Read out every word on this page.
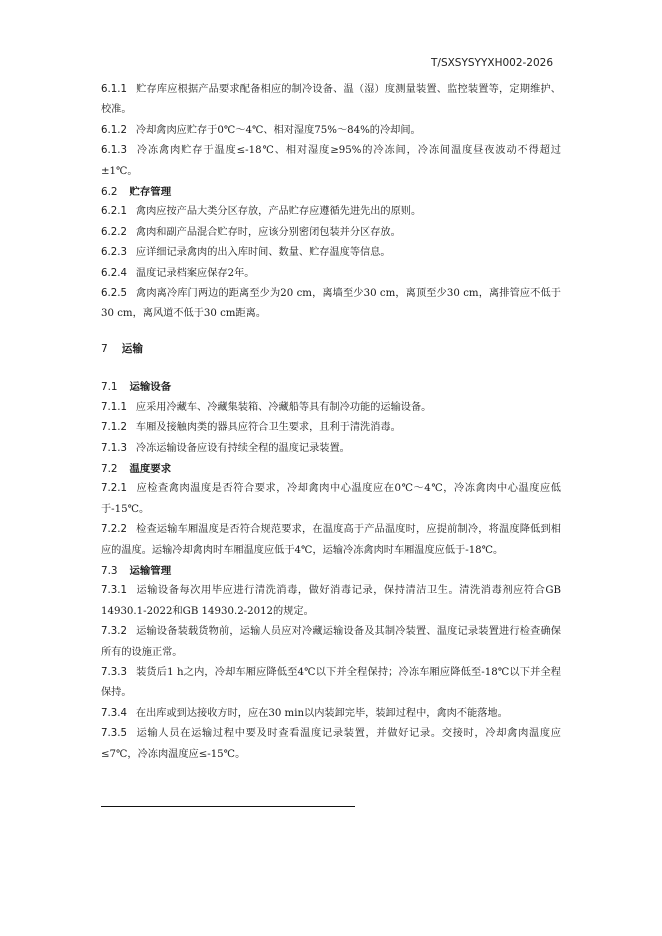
T/SXSYSYYXH002-2026

6.1.1 贮存库应根据产品要求配备相应的制冷设备、温（湿）度测量装置、监控装置等，定期维护、校准。

6.1.2 冷却禽肉应贮存于0℃～4℃、相对湿度75%～84%的冷却间。

6.1.3 冷冻禽肉贮存于温度≤-18℃、相对湿度≥95%的冷冻间，冷冻间温度昼夜波动不得超过±1℃。

6.2 贮存管理

6.2.1 禽肉应按产品大类分区存放，产品贮存应遵循先进先出的原则。

6.2.2 禽肉和副产品混合贮存时，应该分别密闭包装并分区存放。

6.2.3 应详细记录禽肉的出入库时间、数量、贮存温度等信息。

6.2.4 温度记录档案应保存2年。

6.2.5 禽肉离冷库门两边的距离至少为20 cm，离墙至少30 cm，离顶至少30 cm，离排管应不低于30 cm，离风道不低于30 cm距离。

7 运输

7.1 运输设备

7.1.1 应采用冷藏车、冷藏集装箱、冷藏船等具有制冷功能的运输设备。

7.1.2 车厢及接触肉类的器具应符合卫生要求，且利于清洗消毒。

7.1.3 冷冻运输设备应设有持续全程的温度记录装置。

7.2 温度要求

7.2.1 应检查禽肉温度是否符合要求，冷却禽肉中心温度应在0℃～4℃，冷冻禽肉中心温度应低于-15℃。

7.2.2 检查运输车厢温度是否符合规范要求，在温度高于产品温度时，应提前制冷，将温度降低到相应的温度。运输冷却禽肉时车厢温度应低于4℃，运输冷冻禽肉时车厢温度应低于-18℃。

7.3 运输管理

7.3.1 运输设备每次用毕应进行清洗消毒，做好消毒记录，保持清洁卫生。清洗消毒剂应符合GB 14930.1-2022和GB 14930.2-2012的规定。

7.3.2 运输设备装载货物前，运输人员应对冷藏运输设备及其制冷装置、温度记录装置进行检查确保所有的设施正常。

7.3.3 装货后1 h之内，冷却车厢应降低至4℃以下并全程保持；冷冻车厢应降低至-18℃以下并全程保持。

7.3.4 在出库或到达接收方时，应在30 min以内装卸完毕，装卸过程中，禽肉不能落地。

7.3.5 运输人员在运输过程中要及时查看温度记录装置，并做好记录。交接时，冷却禽肉温度应≤7℃，冷冻肉温度应≤-15℃。
